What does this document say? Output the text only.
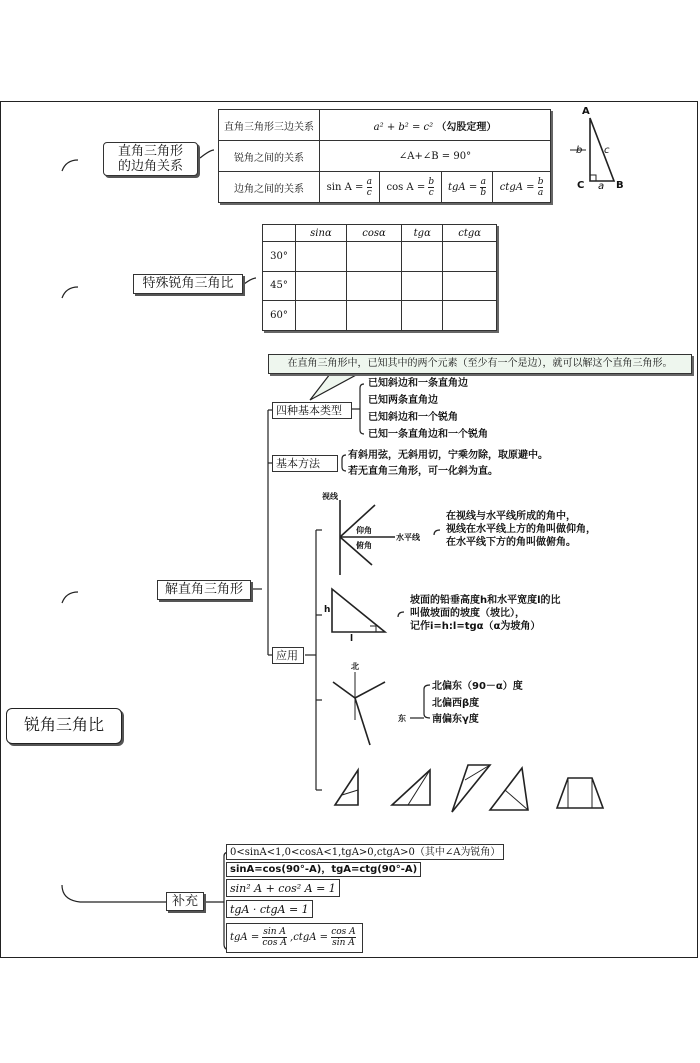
锐角三角比
直角三角形
的边角关系
直角三角形三边关系	a² + b² = c² （勾股定理）			
锐角之间的关系	∠A+∠B = 90°			
边角之间的关系	$\sin A = \frac{a}{c}$	$\cos A = \frac{b}{c}$	tgA = $\frac{a}{b}$	ctgA = $\frac{b}{a}$
A
C	B
b c
a
特殊锐角三角比
	sinα	cosα	tgα	ctgα
30°				
45°				
60°				
在直角三角形中，已知其中的两个元素（至少有一个是边），就可以解这个直角三角形。
解直角三角形
四种基本类型
已知斜边和一条直角边
已知两条直角边
已知斜边和一个锐角
已知一条直角边和一个锐角
基本方法
有斜用弦，无斜用切，宁乘勿除，取原避中。
若无直角三角形，可一化斜为直。
应用
视线
水平线
仰角
俯角
在视线与水平线所成的角中，
视线在水平线上方的角叫做仰角，
在水平线下方的角叫做俯角。
h
l
坡面的铅垂高度h和水平宽度l的比
叫做坡面的坡度（坡比），
记作i=h:l=tgα（α为坡角）
北
东
北偏东（90－α）度
北偏西β度
南偏东γ度
补充
0<sinA<1,0<cosA<1,tgA>0,ctgA>0（其中∠A为锐角）
sinA=cos(90°-A)，tgA=ctg(90°-A)
sin² A + cos² A = 1
tgA · ctgA = 1
tgA = $\frac{\text{sin A}}{\text{cos A}}$ ,ctgA = $\frac{\text{cos A}}{\text{sin A}}$
